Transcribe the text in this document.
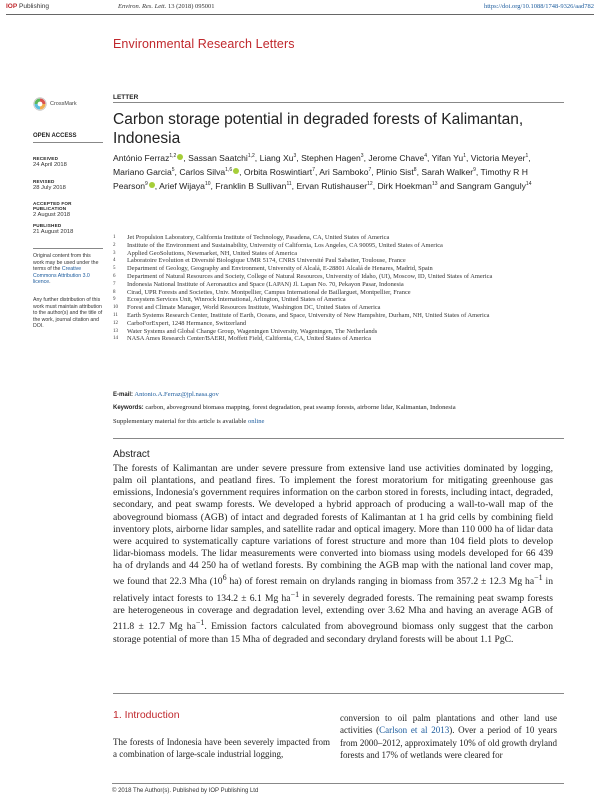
IOP Publishing	Environ. Res. Lett. 13 (2018) 095001	https://doi.org/10.1088/1748-9326/aad782
Environmental Research Letters
CrossMark
OPEN ACCESS
RECEIVED
24 April 2018
REVISED
28 July 2018
ACCEPTED FOR PUBLICATION
2 August 2018
PUBLISHED
21 August 2018
Original content from this work may be used under the terms of the Creative Commons Attribution 3.0 licence.
Any further distribution of this work must maintain attribution to the author(s) and the title of the work, journal citation and DOI.
LETTER
Carbon storage potential in degraded forests of Kalimantan, Indonesia
António Ferraz$^{1,2}$ , Sassan Saatchi$^{1,2}$, Liang Xu$^3$, Stephen Hagen$^3$, Jerome Chave$^4$, Yifan Yu$^1$, Victoria Meyer$^1$, Mariano Garcia$^5$, Carlos Silva$^{1,6}$ , Orbita Roswintiart$^7$, Ari Samboko$^7$, Plinio Sist$^8$, Sarah Walker$^9$, Timothy R H Pearson$^9$ , Arief Wijaya$^{10}$, Franklin B Sullivan$^{11}$, Ervan Rutishauser$^{12}$, Dirk Hoekman$^{13}$ and Sangram Ganguly$^{14}$
1 Jet Propulsion Laboratory, California Institute of Technology, Pasadena, CA, United States of America
2 Institute of the Environment and Sustainability, University of California, Los Angeles, CA 90095, United States of America
3 Applied GeoSolutions, Newmarket, NH, United States of America
4 Laboratoire Evolution et Diversité Biologique UMR 5174, CNRS Université Paul Sabatier, Toulouse, France
5 Department of Geology, Geography and Environment, University of Alcalá, E-28801 Alcalá de Henares, Madrid, Spain
6 Department of Natural Resources and Society, College of Natural Resources, University of Idaho, (UI), Moscow, ID, United States of America
7 Indonesia National Institute of Aeronautics and Space (LAPAN) Jl. Lapan No. 70, Pekayon Pasar, Indonesia
8 Cirad, UPR Forests and Societies, Univ. Montpellier, Campus International de Baillarguet, Montpellier, France
9 Ecosystem Services Unit, Winrock International, Arlington, United States of America
10 Forest and Climate Manager, World Resources Institute, Washington DC, United States of America
11 Earth Systems Research Center, Institute of Earth, Oceans, and Space, University of New Hampshire, Durham, NH, United States of America
12 CarboForExpert, 1248 Hermance, Switzerland
13 Water Systems and Global Change Group, Wageningen University, Wageningen, The Netherlands
14 NASA Ames Research Center/BAERI, Moffett Field, California, CA, United States of America
E-mail: Antonio.A.Ferraz@jpl.nasa.gov
Keywords: carbon, aboveground biomass mapping, forest degradation, peat swamp forests, airborne lidar, Kalimantan, Indonesia
Supplementary material for this article is available online
Abstract
The forests of Kalimantan are under severe pressure from extensive land use activities dominated by logging, palm oil plantations, and peatland fires. To implement the forest moratorium for mitigating greenhouse gas emissions, Indonesia's government requires information on the carbon stored in forests, including intact, degraded, secondary, and peat swamp forests. We developed a hybrid approach of producing a wall-to-wall map of the aboveground biomass (AGB) of intact and degraded forests of Kalimantan at 1 ha grid cells by combining field inventory plots, airborne lidar samples, and satellite radar and optical imagery. More than 110 000 ha of lidar data were acquired to systematically capture variations of forest structure and more than 104 field plots to develop lidar-biomass models. The lidar measurements were converted into biomass using models developed for 66 439 ha of drylands and 44 250 ha of wetland forests. By combining the AGB map with the national land cover map, we found that 22.3 Mha ($10^6$ ha) of forest remain on drylands ranging in biomass from 357.2 ± 12.3 Mg $ha^{-1}$ in relatively intact forests to 134.2 ± 6.1 Mg $ha^{-1}$ in severely degraded forests. The remaining peat swamp forests are heterogeneous in coverage and degradation level, extending over 3.62 Mha and having an average AGB of 211.8 ± 12.7 Mg $ha^{-1}$. Emission factors calculated from aboveground biomass only suggest that the carbon storage potential of more than 15 Mha of degraded and secondary dryland forests will be about 1.1 PgC.
1. Introduction
The forests of Indonesia have been severely impacted from a combination of large-scale industrial logging,
conversion to oil palm plantations and other land use activities (Carlson et al 2013). Over a period of 10 years from 2000–2012, approximately 10% of old growth dryland forests and 17% of wetlands were cleared for
© 2018 The Author(s). Published by IOP Publishing Ltd
